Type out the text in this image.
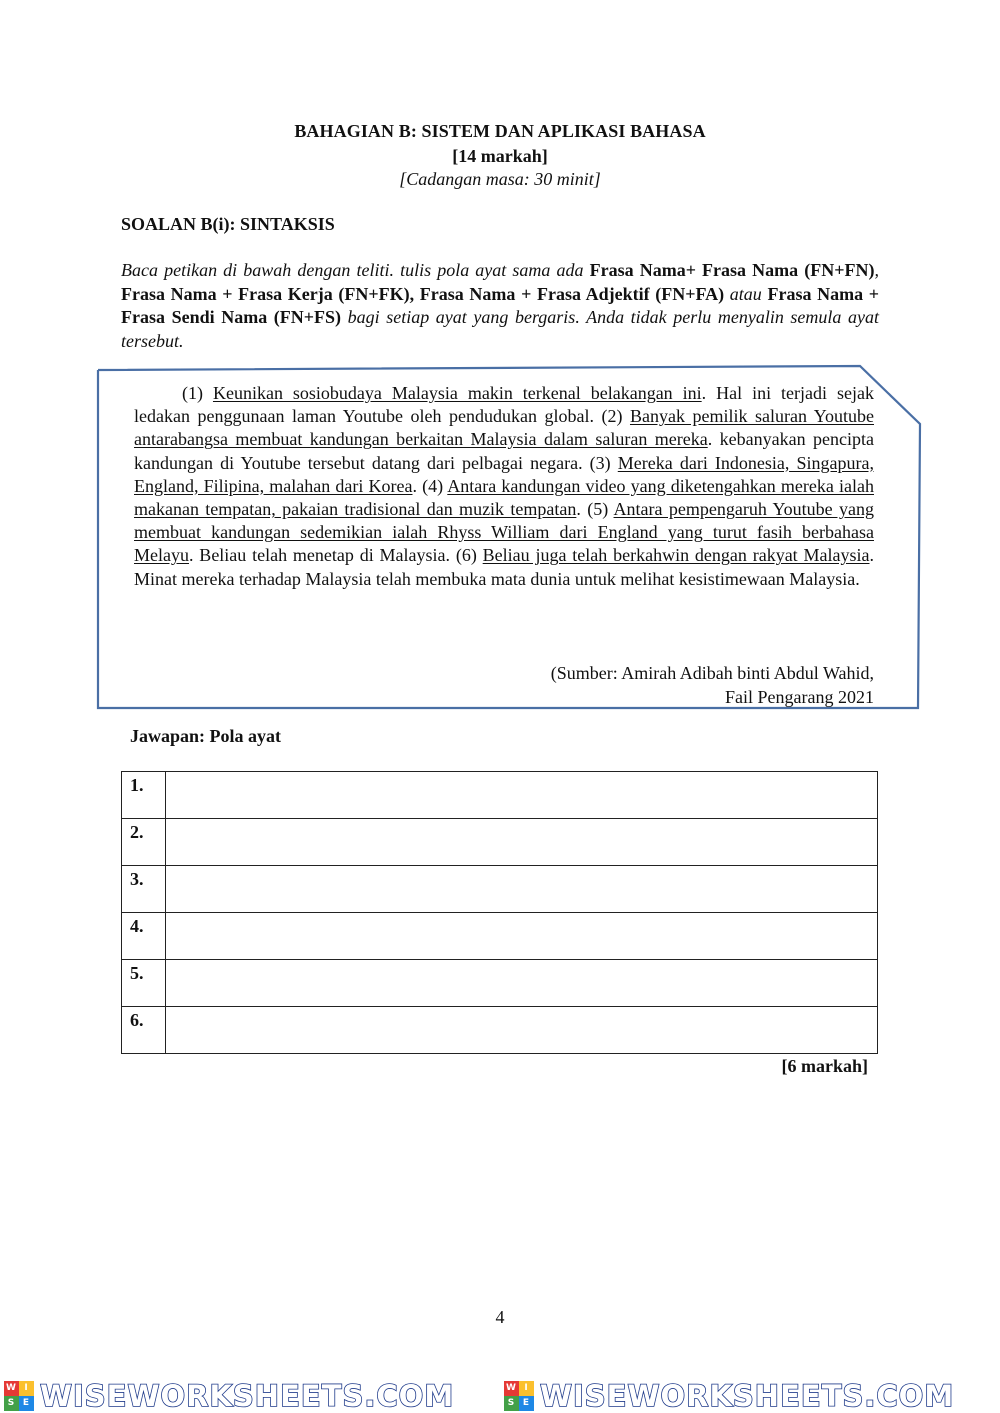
BAHAGIAN B: SISTEM DAN APLIKASI BAHASA
[14 markah]
[Cadangan masa: 30 minit]
SOALAN B(i): SINTAKSIS
Baca petikan di bawah dengan teliti. tulis pola ayat sama ada Frasa Nama+ Frasa Nama (FN+FN), Frasa Nama + Frasa Kerja (FN+FK), Frasa Nama + Frasa Adjektif (FN+FA) atau Frasa Nama + Frasa Sendi Nama (FN+FS) bagi setiap ayat yang bergaris. Anda tidak perlu menyalin semula ayat tersebut.
(1) Keunikan sosiobudaya Malaysia makin terkenal belakangan ini. Hal ini terjadi sejak ledakan penggunaan laman Youtube oleh pendudukan global. (2) Banyak pemilik saluran Youtube antarabangsa membuat kandungan berkaitan Malaysia dalam saluran mereka. kebanyakan pencipta kandungan di Youtube tersebut datang dari pelbagai negara. (3) Mereka dari Indonesia, Singapura, England, Filipina, malahan dari Korea. (4) Antara kandungan video yang diketengahkan mereka ialah makanan tempatan, pakaian tradisional dan muzik tempatan. (5) Antara pempengaruh Youtube yang membuat kandungan sedemikian ialah Rhyss William dari England yang turut fasih berbahasa Melayu. Beliau telah menetap di Malaysia. (6) Beliau juga telah berkahwin dengan rakyat Malaysia. Minat mereka terhadap Malaysia telah membuka mata dunia untuk melihat kesistimewaan Malaysia.
(Sumber: Amirah Adibah binti Abdul Wahid,
Fail Pengarang 2021
Jawapan: Pola ayat
1.	
2.	
3.	
4.	
5.	
6.	
[6 markah]
4
W I
S E WISEWORKSHEETS.COM	W I
S E WISEWORKSHEETS.COM
